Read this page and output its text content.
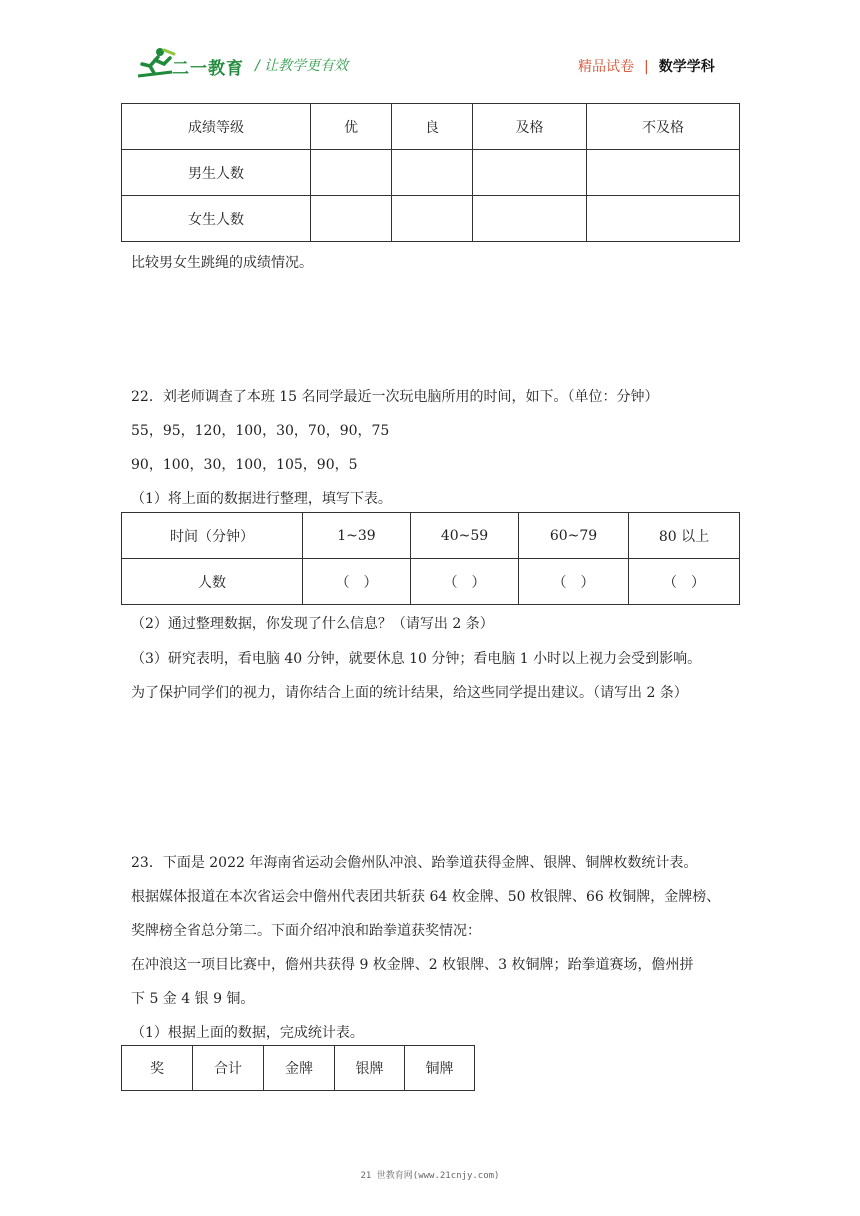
二一教育 / 让教学更有效	精品试卷 | 数学学科
成绩等级	优	良	及格	不及格
男生人数				
女生人数				
比较男女生跳绳的成绩情况。
22．刘老师调查了本班 15 名同学最近一次玩电脑所用的时间，如下。（单位：分钟）
55，95，120，100，30，70，90，75
90，100，30，100，105，90，5
（1）将上面的数据进行整理，填写下表。
时间（分钟）	1~39	40~59	60~79	80 以上
人数	（　）	（　）	（　）	（　）
（2）通过整理数据，你发现了什么信息？（请写出 2 条）
（3）研究表明，看电脑 40 分钟，就要休息 10 分钟；看电脑 1 小时以上视力会受到影响。
为了保护同学们的视力，请你结合上面的统计结果，给这些同学提出建议。（请写出 2 条）
23．下面是 2022 年海南省运动会儋州队冲浪、跆拳道获得金牌、银牌、铜牌枚数统计表。
根据媒体报道在本次省运会中儋州代表团共斩获 64 枚金牌、50 枚银牌、66 枚铜牌，金牌榜、
奖牌榜全省总分第二。下面介绍冲浪和跆拳道获奖情况：
在冲浪这一项目比赛中，儋州共获得 9 枚金牌、2 枚银牌、3 枚铜牌；跆拳道赛场，儋州拼
下 5 金 4 银 9 铜。
（1）根据上面的数据，完成统计表。
奖	合计	金牌	银牌	铜牌
21 世教育网(www.21cnjy.com)
